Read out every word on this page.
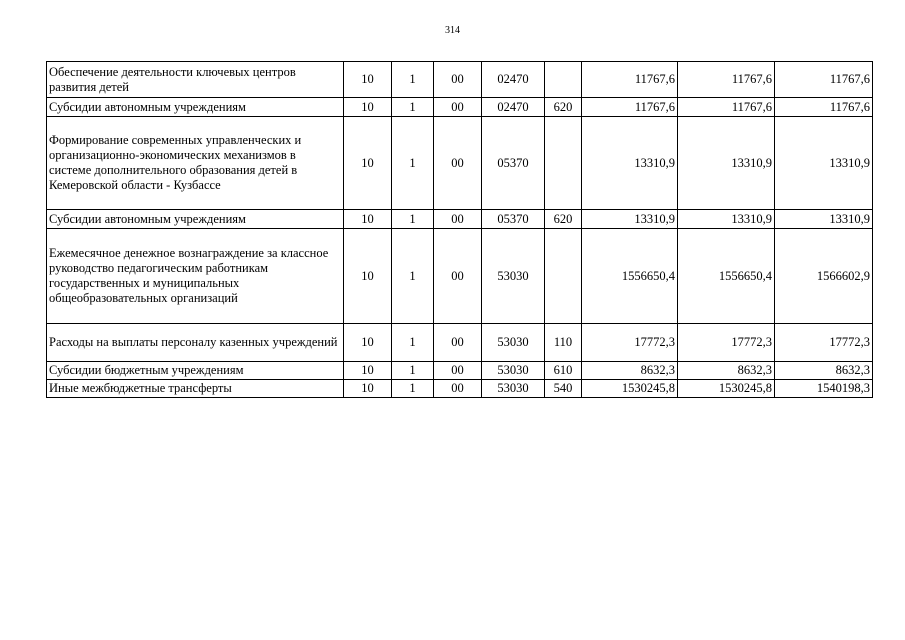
314
Обеспечение деятельности ключевых центров развития детей	10	1	00	02470		11767,6	11767,6	11767,6
Субсидии автономным учреждениям	10	1	00	02470	620	11767,6	11767,6	11767,6
Формирование современных управленческих и организационно-экономических механизмов в системе дополнительного образования детей в Кемеровской области - Кузбассе	10	1	00	05370		13310,9	13310,9	13310,9
Субсидии автономным учреждениям	10	1	00	05370	620	13310,9	13310,9	13310,9
Ежемесячное денежное вознаграждение за классное руководство педагогическим работникам государственных и муниципальных общеобразовательных организаций	10	1	00	53030		1556650,4	1556650,4	1566602,9
Расходы на выплаты персоналу казенных учреждений	10	1	00	53030	110	17772,3	17772,3	17772,3
Субсидии бюджетным учреждениям	10	1	00	53030	610	8632,3	8632,3	8632,3
Иные межбюджетные трансферты	10	1	00	53030	540	1530245,8	1530245,8	1540198,3
